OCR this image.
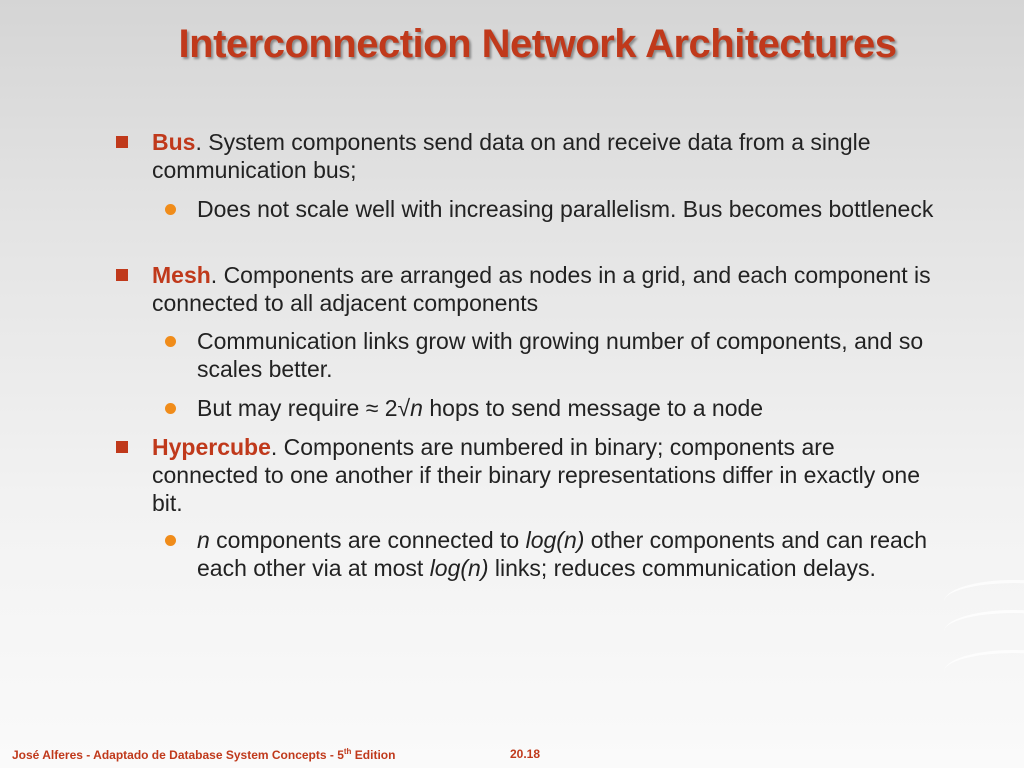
Interconnection Network Architectures
Bus. System components send data on and receive data from a single communication bus;
Does not scale well with increasing parallelism. Bus becomes bottleneck
Mesh. Components are arranged as nodes in a grid, and each component is connected to all adjacent components
Communication links grow with growing number of components, and so scales better.
But may require ≈ 2√n hops to send message to a node
Hypercube. Components are numbered in binary; components are connected to one another if their binary representations differ in exactly one bit.
n components are connected to log(n) other components and can reach each other via at most log(n) links; reduces communication delays.
José Alferes - Adaptado de Database System Concepts - 5th Edition	20.18
